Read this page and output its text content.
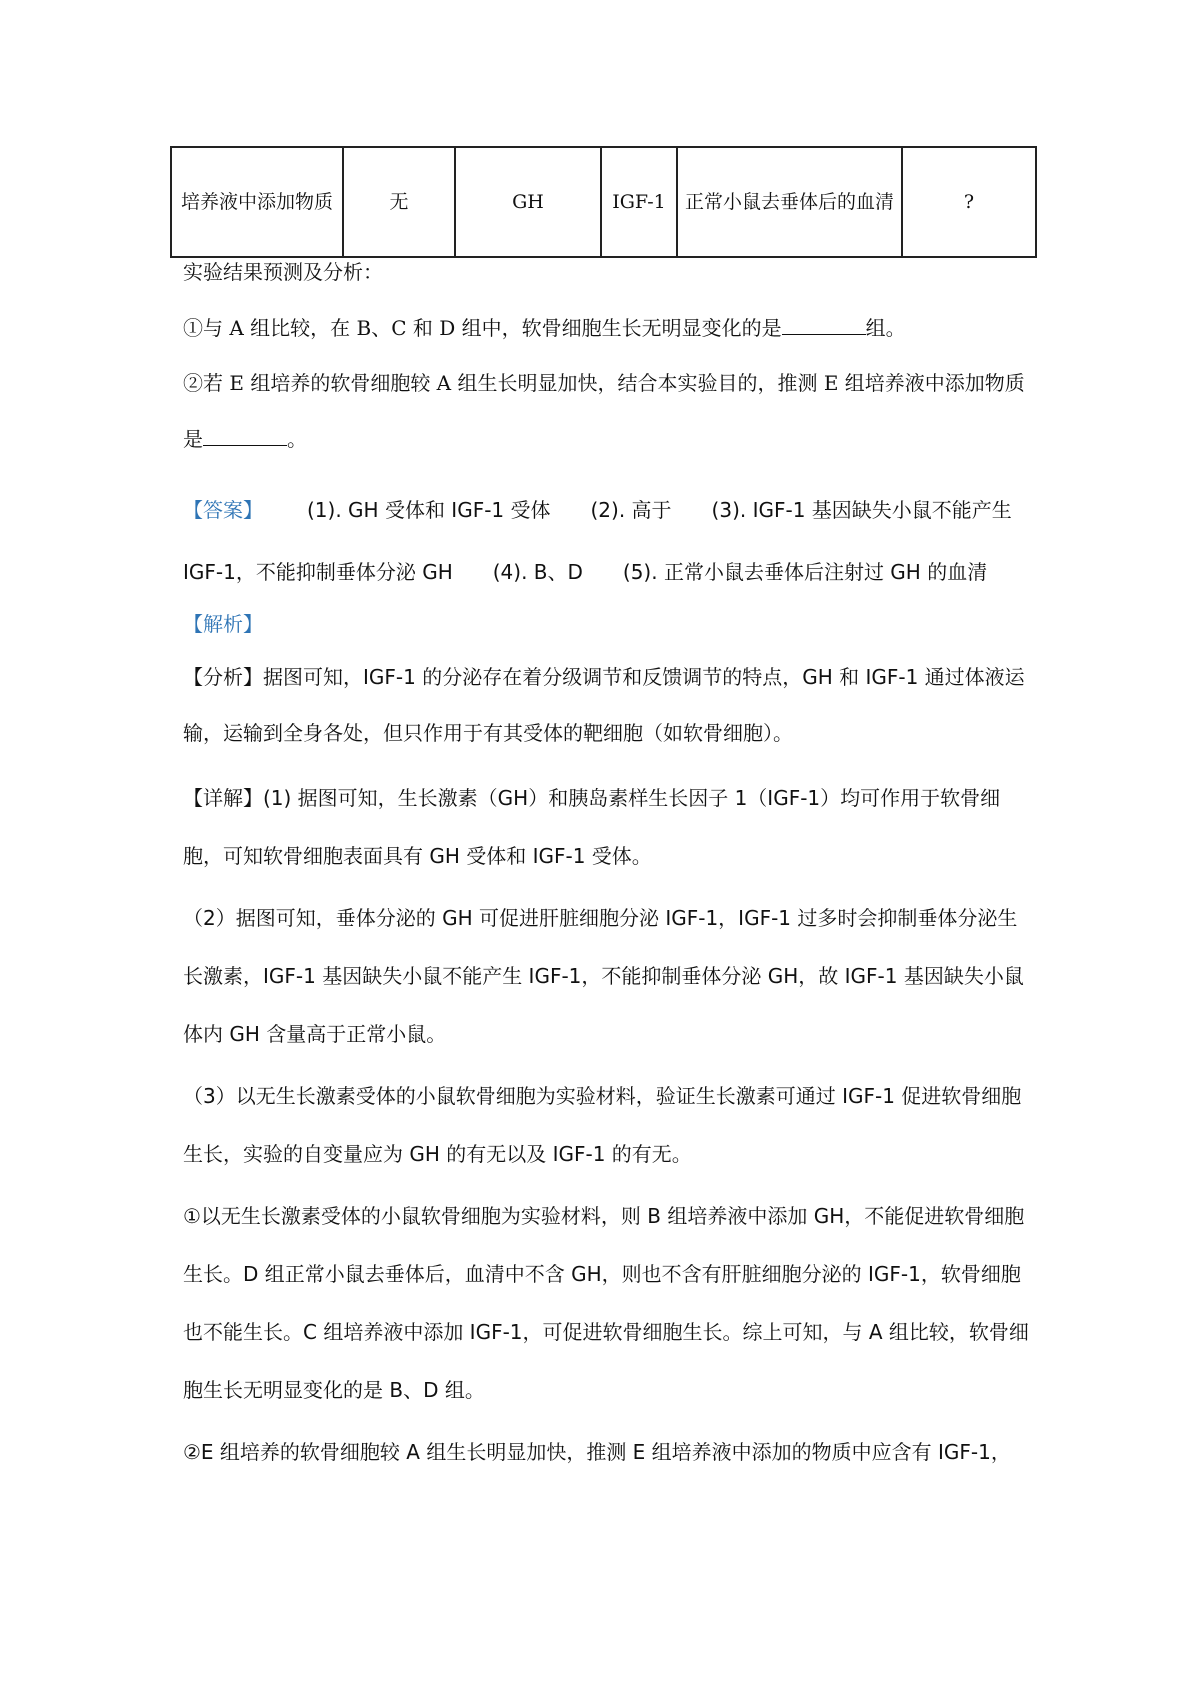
培养液中添加物质	无	GH	IGF-1	正常小鼠去垂体后的血清	?

实验结果预测及分析：

①与 A 组比较，在 B、C 和 D 组中，软骨细胞生长无明显变化的是	组。

②若 E 组培养的软骨细胞较 A 组生长明显加快，结合本实验目的，推测 E 组培养液中添加物质是	。

【答案】 (1). GH 受体和 IGF-1 受体　　(2). 高于　　(3). IGF-1 基因缺失小鼠不能产生 IGF-1，不能抑制垂体分泌 GH　　(4). B、D　　(5). 正常小鼠去垂体后注射过 GH 的血清

【解析】

【分析】据图可知，IGF-1 的分泌存在着分级调节和反馈调节的特点，GH 和 IGF-1 通过体液运输，运输到全身各处，但只作用于有其受体的靶细胞（如软骨细胞）。

【详解】(1) 据图可知，生长激素（GH）和胰岛素样生长因子 1（IGF-1）均可作用于软骨细胞，可知软骨细胞表面具有 GH 受体和 IGF-1 受体。

（2）据图可知，垂体分泌的 GH 可促进肝脏细胞分泌 IGF-1，IGF-1 过多时会抑制垂体分泌生长激素，IGF-1 基因缺失小鼠不能产生 IGF-1，不能抑制垂体分泌 GH，故 IGF-1 基因缺失小鼠体内 GH 含量高于正常小鼠。

（3）以无生长激素受体的小鼠软骨细胞为实验材料，验证生长激素可通过 IGF-1 促进软骨细胞生长，实验的自变量应为 GH 的有无以及 IGF-1 的有无。

①以无生长激素受体的小鼠软骨细胞为实验材料，则 B 组培养液中添加 GH，不能促进软骨细胞生长。D 组正常小鼠去垂体后，血清中不含 GH，则也不含有肝脏细胞分泌的 IGF-1，软骨细胞也不能生长。C 组培养液中添加 IGF-1，可促进软骨细胞生长。综上可知，与 A 组比较，软骨细胞生长无明显变化的是 B、D 组。

②E 组培养的软骨细胞较 A 组生长明显加快，推测 E 组培养液中添加的物质中应含有 IGF-1，
